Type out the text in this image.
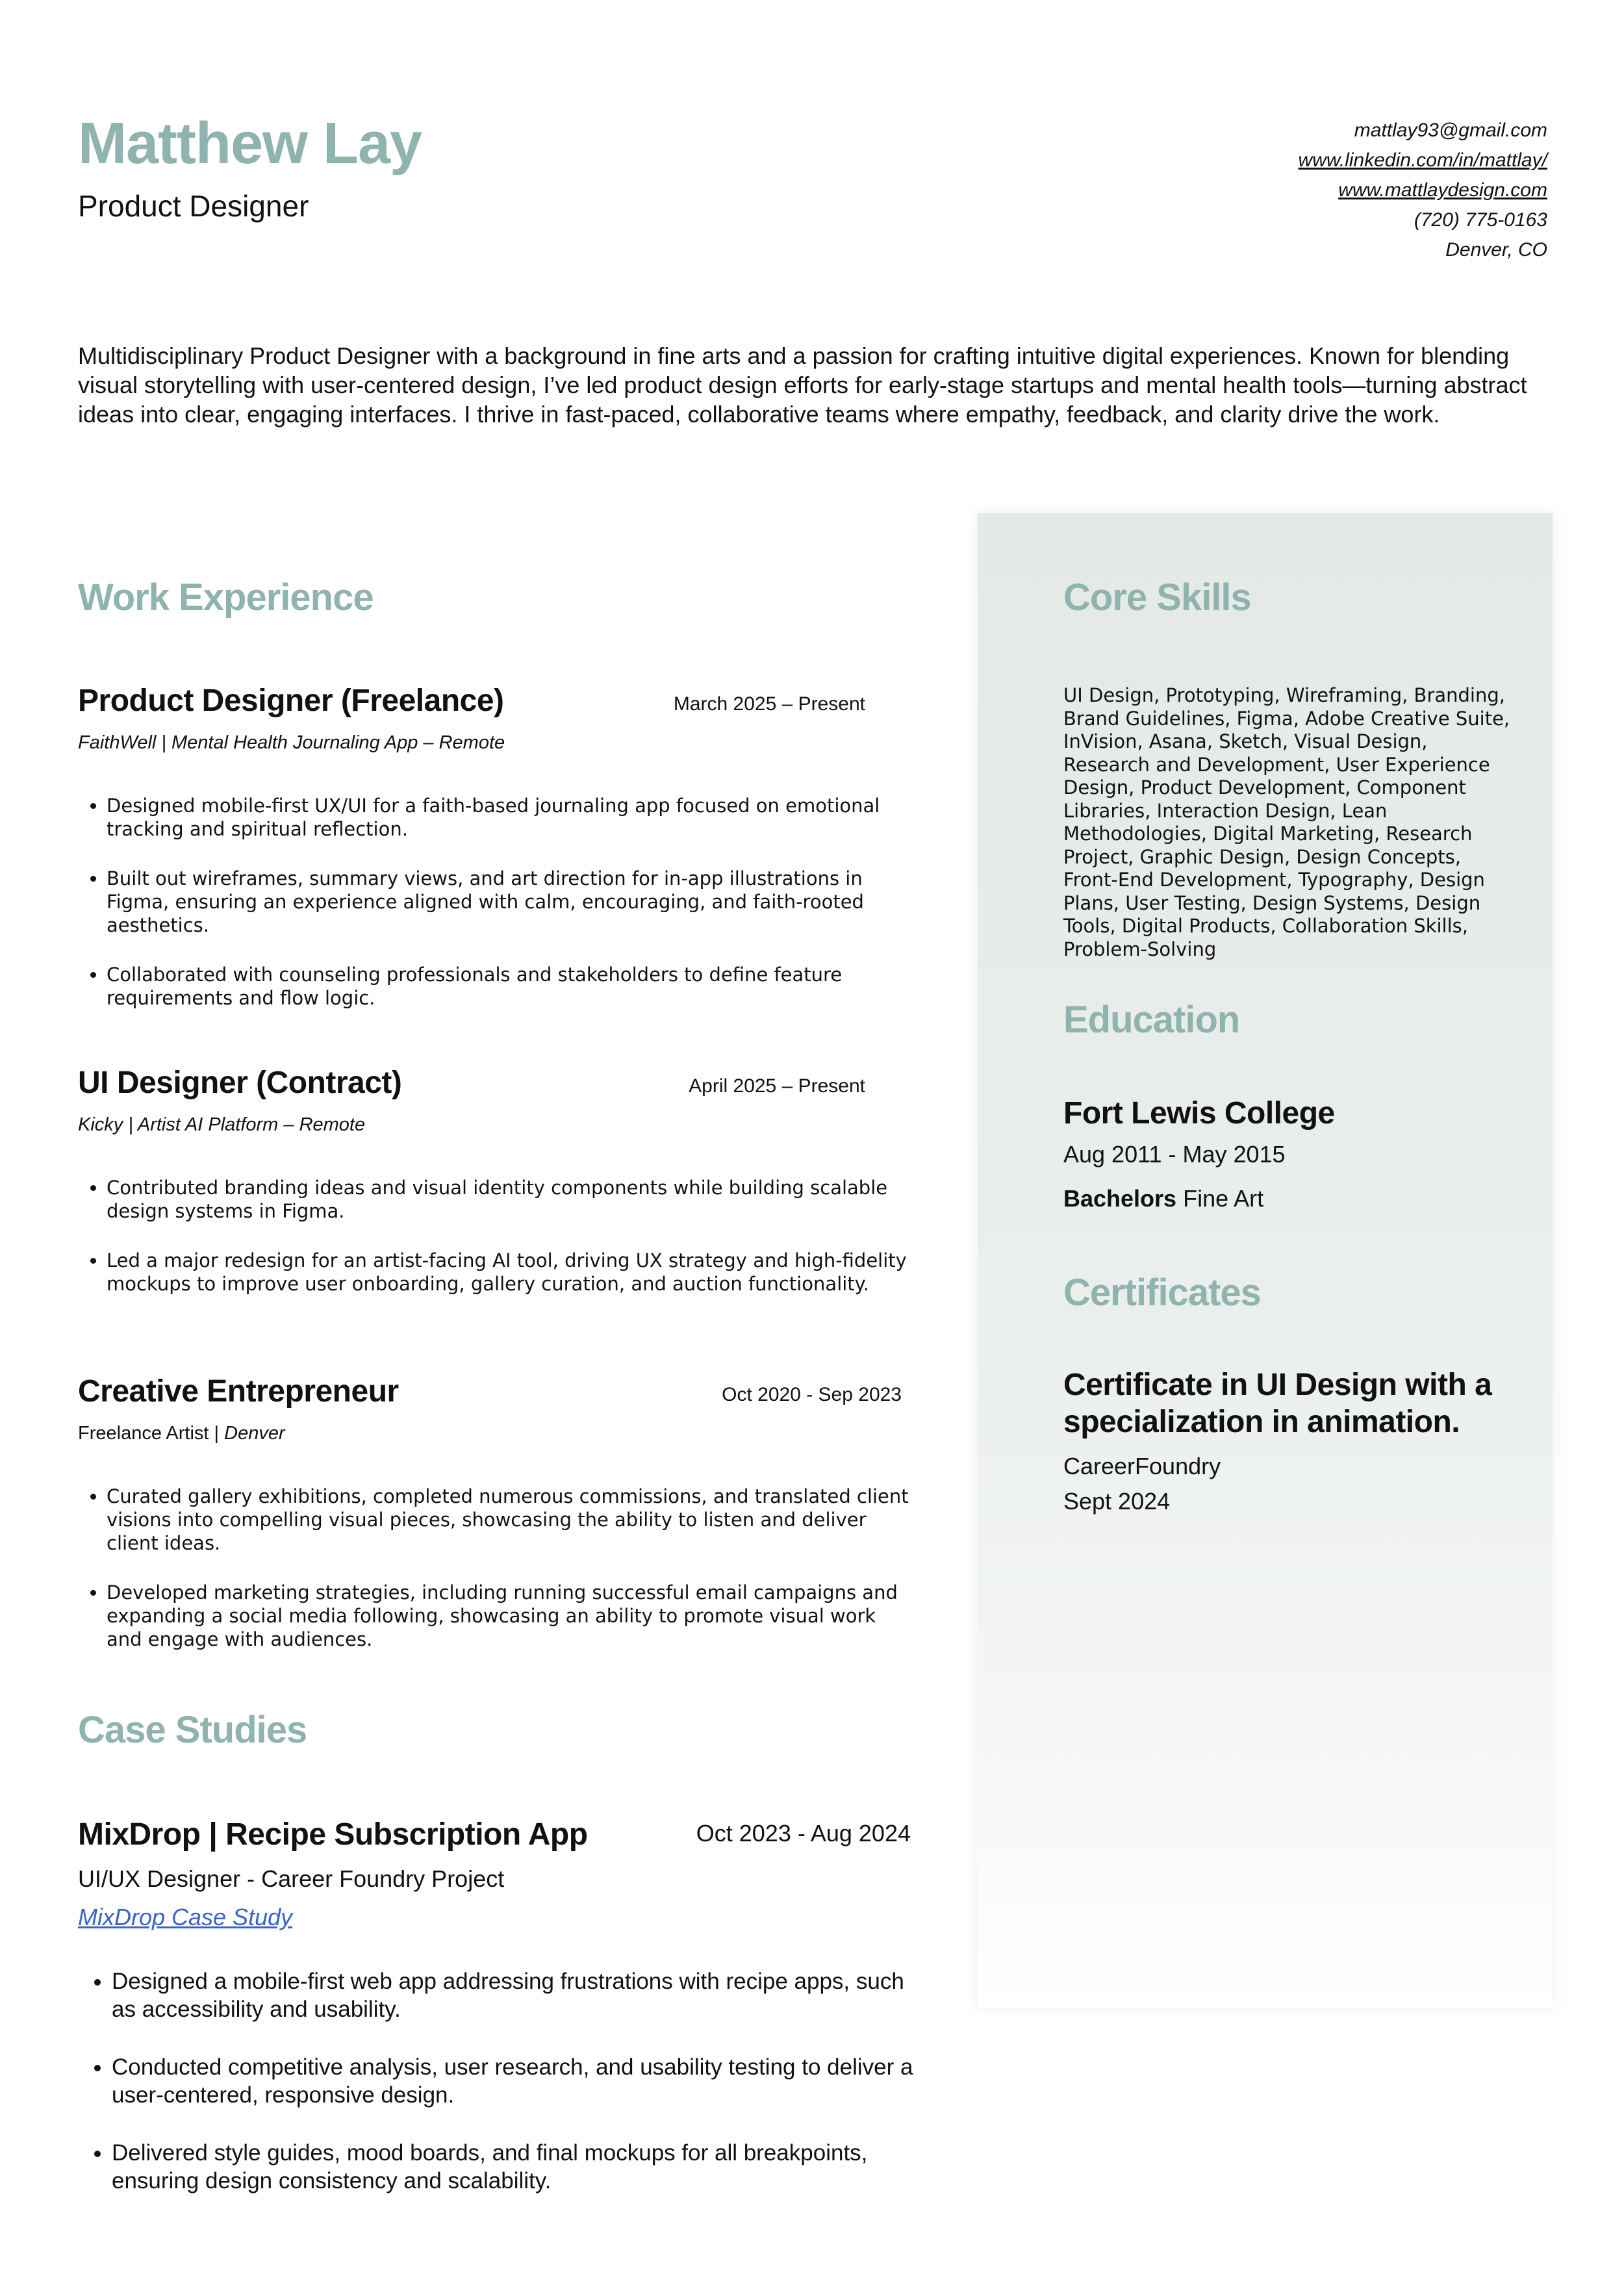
Matthew Lay
Product Designer
mattlay93@gmail.com
www.linkedin.com/in/mattlay/
www.mattlaydesign.com
(720) 775-0163
Denver, CO

Multidisciplinary Product Designer with a background in fine arts and a passion for crafting intuitive digital experiences. Known for blending visual storytelling with user-centered design, I’ve led product design efforts for early-stage startups and mental health tools—turning abstract ideas into clear, engaging interfaces. I thrive in fast-paced, collaborative teams where empathy, feedback, and clarity drive the work.

Work Experience
Product Designer (Freelance)	March 2025 – Present
FaithWell | Mental Health Journaling App – Remote
• Designed mobile-first UX/UI for a faith-based journaling app focused on emotional tracking and spiritual reflection.
• Built out wireframes, summary views, and art direction for in-app illustrations in Figma, ensuring an experience aligned with calm, encouraging, and faith-rooted aesthetics.
• Collaborated with counseling professionals and stakeholders to define feature requirements and flow logic.
UI Designer (Contract)	April 2025 – Present
Kicky | Artist AI Platform – Remote
• Contributed branding ideas and visual identity components while building scalable design systems in Figma.
• Led a major redesign for an artist-facing AI tool, driving UX strategy and high-fidelity mockups to improve user onboarding, gallery curation, and auction functionality.
Creative Entrepreneur	Oct 2020 - Sep 2023
Freelance Artist | Denver
• Curated gallery exhibitions, completed numerous commissions, and translated client visions into compelling visual pieces, showcasing the ability to listen and deliver client ideas.
• Developed marketing strategies, including running successful email campaigns and expanding a social media following, showcasing an ability to promote visual work and engage with audiences.
Case Studies
MixDrop | Recipe Subscription App	Oct 2023 - Aug 2024
UI/UX Designer - Career Foundry Project
MixDrop Case Study
• Designed a mobile-first web app addressing frustrations with recipe apps, such as accessibility and usability.
• Conducted competitive analysis, user research, and usability testing to deliver a user-centered, responsive design.
• Delivered style guides, mood boards, and final mockups for all breakpoints, ensuring design consistency and scalability.
Core Skills
UI Design, Prototyping, Wireframing, Branding, Brand Guidelines, Figma, Adobe Creative Suite, InVision, Asana, Sketch, Visual Design, Research and Development, User Experience Design, Product Development, Component Libraries, Interaction Design, Lean Methodologies, Digital Marketing, Research Project, Graphic Design, Design Concepts, Front-End Development, Typography, Design Plans, User Testing, Design Systems, Design Tools, Digital Products, Collaboration Skills, Problem-Solving
Education
Fort Lewis College
Aug 2011 - May 2015
Bachelors Fine Art
Certificates
Certificate in UI Design with a specialization in animation.
CareerFoundry
Sept 2024
